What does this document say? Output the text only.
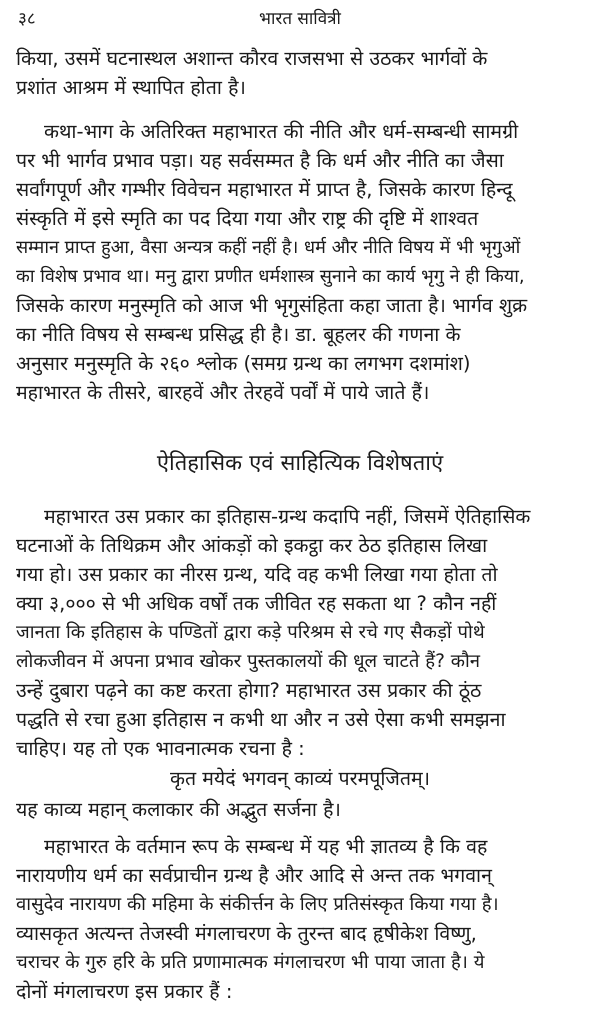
३८	भारत सावित्री
किया, उसमें घटनास्थल अशान्त कौरव राजसभा से उठकर भार्गवों के
प्रशांत आश्रम में स्थापित होता है।
कथा-भाग के अतिरिक्त महाभारत की नीति और धर्म-सम्बन्धी सामग्री
पर भी भार्गव प्रभाव पड़ा। यह सर्वसम्मत है कि धर्म और नीति का जैसा
सर्वांगपूर्ण और गम्भीर विवेचन महाभारत में प्राप्त है, जिसके कारण हिन्दू
संस्कृति में इसे स्मृति का पद दिया गया और राष्ट्र की दृष्टि में शाश्वत
सम्मान प्राप्त हुआ, वैसा अन्यत्र कहीं नहीं है। धर्म और नीति विषय में भी भृगुओं
का विशेष प्रभाव था। मनु द्वारा प्रणीत धर्मशास्त्र सुनाने का कार्य भृगु ने ही किया,
जिसके कारण मनुस्मृति को आज भी भृगुसंहिता कहा जाता है। भार्गव शुक्र
का नीति विषय से सम्बन्ध प्रसिद्ध ही है। डा. बूहलर की गणना के
अनुसार मनुस्मृति के २६० श्लोक (समग्र ग्रन्थ का लगभग दशमांश)
महाभारत के तीसरे, बारहवें और तेरहवें पर्वों में पाये जाते हैं।
ऐतिहासिक एवं साहित्यिक विशेषताएं
महाभारत उस प्रकार का इतिहास-ग्रन्थ कदापि नहीं, जिसमें ऐतिहासिक
घटनाओं के तिथिक्रम और आंकड़ों को इकट्ठा कर ठेठ इतिहास लिखा
गया हो। उस प्रकार का नीरस ग्रन्थ, यदि वह कभी लिखा गया होता तो
क्या ३,००० से भी अधिक वर्षों तक जीवित रह सकता था ? कौन नहीं
जानता कि इतिहास के पण्डितों द्वारा कड़े परिश्रम से रचे गए सैकड़ों पोथे
लोकजीवन में अपना प्रभाव खोकर पुस्तकालयों की धूल चाटते हैं? कौन
उन्हें दुबारा पढ़ने का कष्ट करता होगा? महाभारत उस प्रकार की ठूंठ
पद्धति से रचा हुआ इतिहास न कभी था और न उसे ऐसा कभी समझना
चाहिए। यह तो एक भावनात्मक रचना है :
कृत मयेदं भगवन् काव्यं परमपूजितम्।
यह काव्य महान् कलाकार की अद्भुत सर्जना है।
महाभारत के वर्तमान रूप के सम्बन्ध में यह भी ज्ञातव्य है कि वह
नारायणीय धर्म का सर्वप्राचीन ग्रन्थ है और आदि से अन्त तक भगवान्
वासुदेव नारायण की महिमा के संकीर्त्तन के लिए प्रतिसंस्कृत किया गया है।
व्यासकृत अत्यन्त तेजस्वी मंगलाचरण के तुरन्त बाद हृषीकेश विष्णु,
चराचर के गुरु हरि के प्रति प्रणामात्मक मंगलाचरण भी पाया जाता है। ये
दोनों मंगलाचरण इस प्रकार हैं :
